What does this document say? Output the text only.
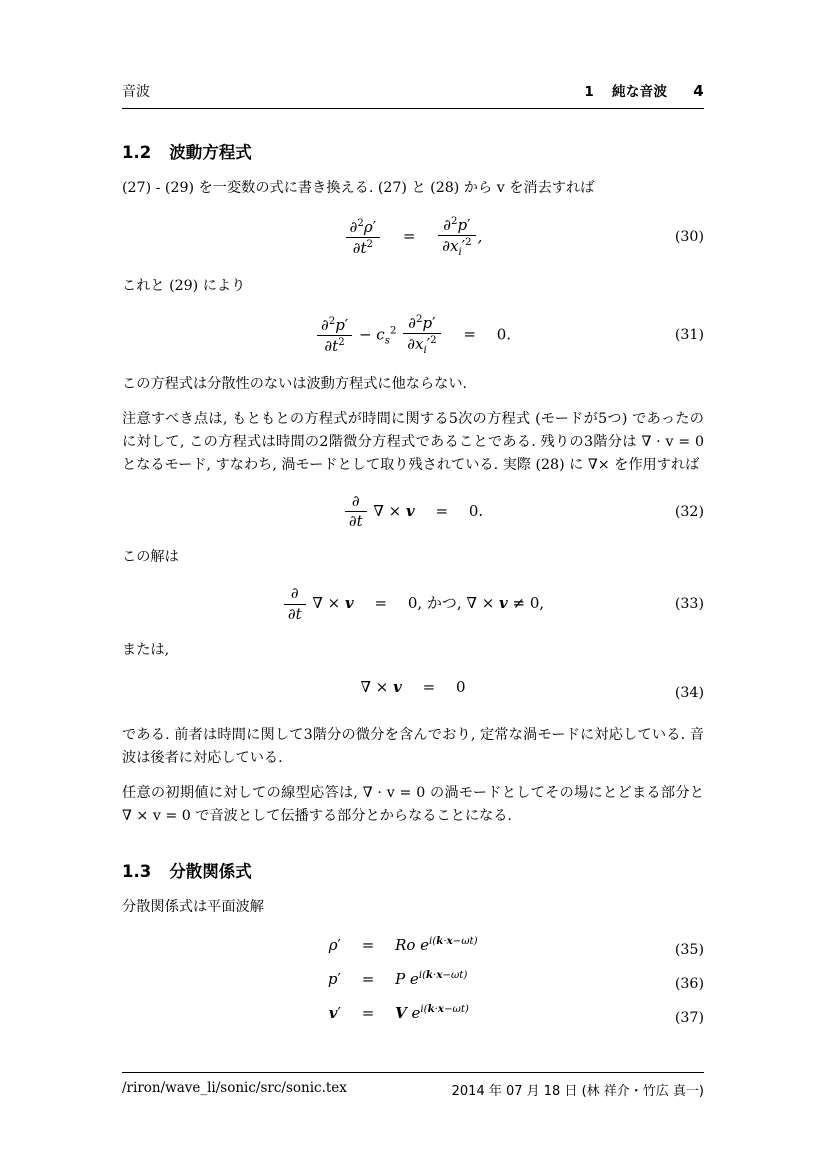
音波	1 純な音波 4
1.2 波動方程式

(27) - (29) を一変数の式に書き換える. (27) と (28) から v を消去すれば

$\frac{\partial^2\rho'}{\partial t^2} = \frac{\partial^2p'}{\partial x_i'^2}$ ,	(30)

これと (29) により

$\frac{\partial^2p'}{\partial t^2} - c_s^2 \frac{\partial^2p'}{\partial x_i'^2} = 0$.	(31)

この方程式は分散性のないは波動方程式に他ならない.

注意すべき点は, もともとの方程式が時間に関する5次の方程式 (モードが5つ) であったのに対して, この方程式は時間の2階微分方程式であることである. 残りの3階分は ∇ · v = 0 となるモード, すなわち, 渦モードとして取り残されている. 実際 (28) に ∇× を作用すれば

$\frac{\partial}{\partial t}$ ∇ × v = 0.	(32)

この解は

$\frac{\partial}{\partial t}$ ∇ × v = 0, かつ, ∇ × v ≠ 0,	(33)

または,

∇ × v = 0	(34)

である. 前者は時間に関して3階分の微分を含んでおり, 定常な渦モードに対応している. 音波は後者に対応している.

任意の初期値に対しての線型応答は, ∇ · v = 0 の渦モードとしてその場にとどまる部分と ∇ × v = 0 で音波として伝播する部分とからなることになる.

1.3 分散関係式

分散関係式は平面波解

ρ′ = Ro $e^{i(k\cdot x-\omega t)}$
(35)
p′ = P $e^{i(k\cdot x-\omega t)}$
(36)
v′ = V $e^{i(k\cdot x-\omega t)}$
(37)
/riron/wave_li/sonic/src/sonic.tex	2014 年 07 月 18 日 (林 祥介・竹広 真一)
